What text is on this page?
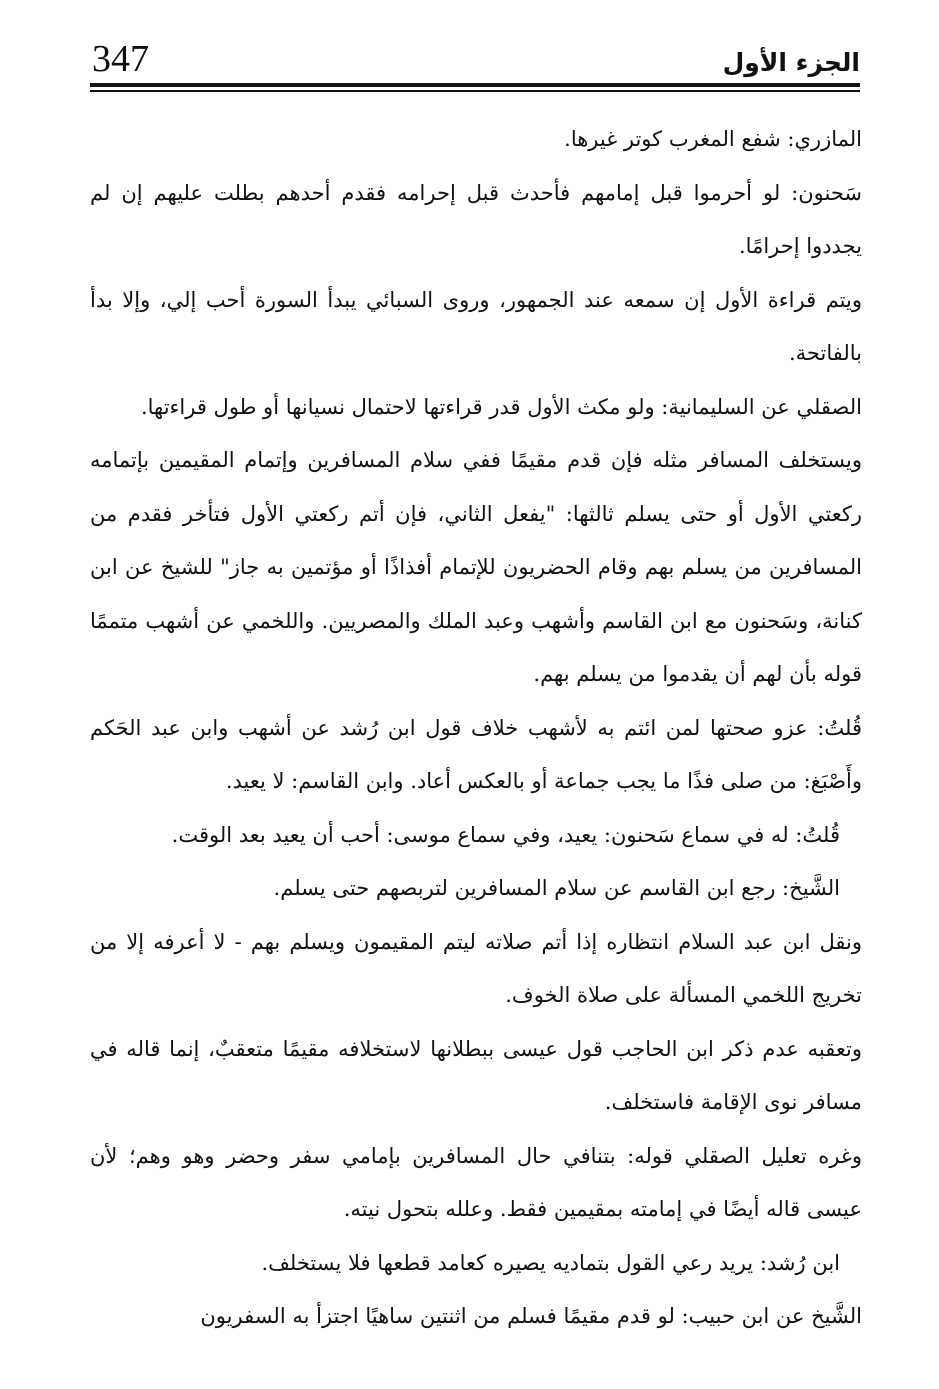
347	الجزء الأول

المازري: شفع المغرب كوتر غيرها.

سَحنون: لو أحرموا قبل إمامهم فأحدث قبل إحرامه فقدم أحدهم بطلت عليهم إن لم يجددوا إحرامًا.

ويتم قراءة الأول إن سمعه عند الجمهور، وروى السبائي يبدأ السورة أحب إلي، وإلا بدأ بالفاتحة.

الصقلي عن السليمانية: ولو مكث الأول قدر قراءتها لاحتمال نسيانها أو طول قراءتها.

ويستخلف المسافر مثله فإن قدم مقيمًا ففي سلام المسافرين وإتمام المقيمين بإتمامه ركعتي الأول أو حتى يسلم ثالثها: "يفعل الثاني، فإن أتم ركعتي الأول فتأخر فقدم من المسافرين من يسلم بهم وقام الحضريون للإتمام أفذاذًا أو مؤتمين به جاز" للشيخ عن ابن كنانة، وسَحنون مع ابن القاسم وأشهب وعبد الملك والمصريين. واللخمي عن أشهب متممًا قوله بأن لهم أن يقدموا من يسلم بهم.

قُلتُ: عزو صحتها لمن ائتم به لأشهب خلاف قول ابن رُشد عن أشهب وابن عبد الحَكم وأَصْبَغ: من صلى فذًا ما يجب جماعة أو بالعكس أعاد. وابن القاسم: لا يعيد.

قُلتُ: له في سماع سَحنون: يعيد، وفي سماع موسى: أحب أن يعيد بعد الوقت.

الشَّيخ: رجع ابن القاسم عن سلام المسافرين لتربصهم حتى يسلم.

ونقل ابن عبد السلام انتظاره إذا أتم صلاته ليتم المقيمون ويسلم بهم - لا أعرفه إلا من تخريج اللخمي المسألة على صلاة الخوف.

وتعقبه عدم ذكر ابن الحاجب قول عيسى ببطلانها لاستخلافه مقيمًا متعقبٌ، إنما قاله في مسافر نوى الإقامة فاستخلف.

وغره تعليل الصقلي قوله: بتنافي حال المسافرين بإمامي سفر وحضر وهو وهم؛ لأن عيسى قاله أيضًا في إمامته بمقيمين فقط. وعلله بتحول نيته.

ابن رُشد: يريد رعي القول بتماديه يصيره كعامد قطعها فلا يستخلف.

الشَّيخ عن ابن حبيب: لو قدم مقيمًا فسلم من اثنتين ساهيًا اجتزأ به السفريون
